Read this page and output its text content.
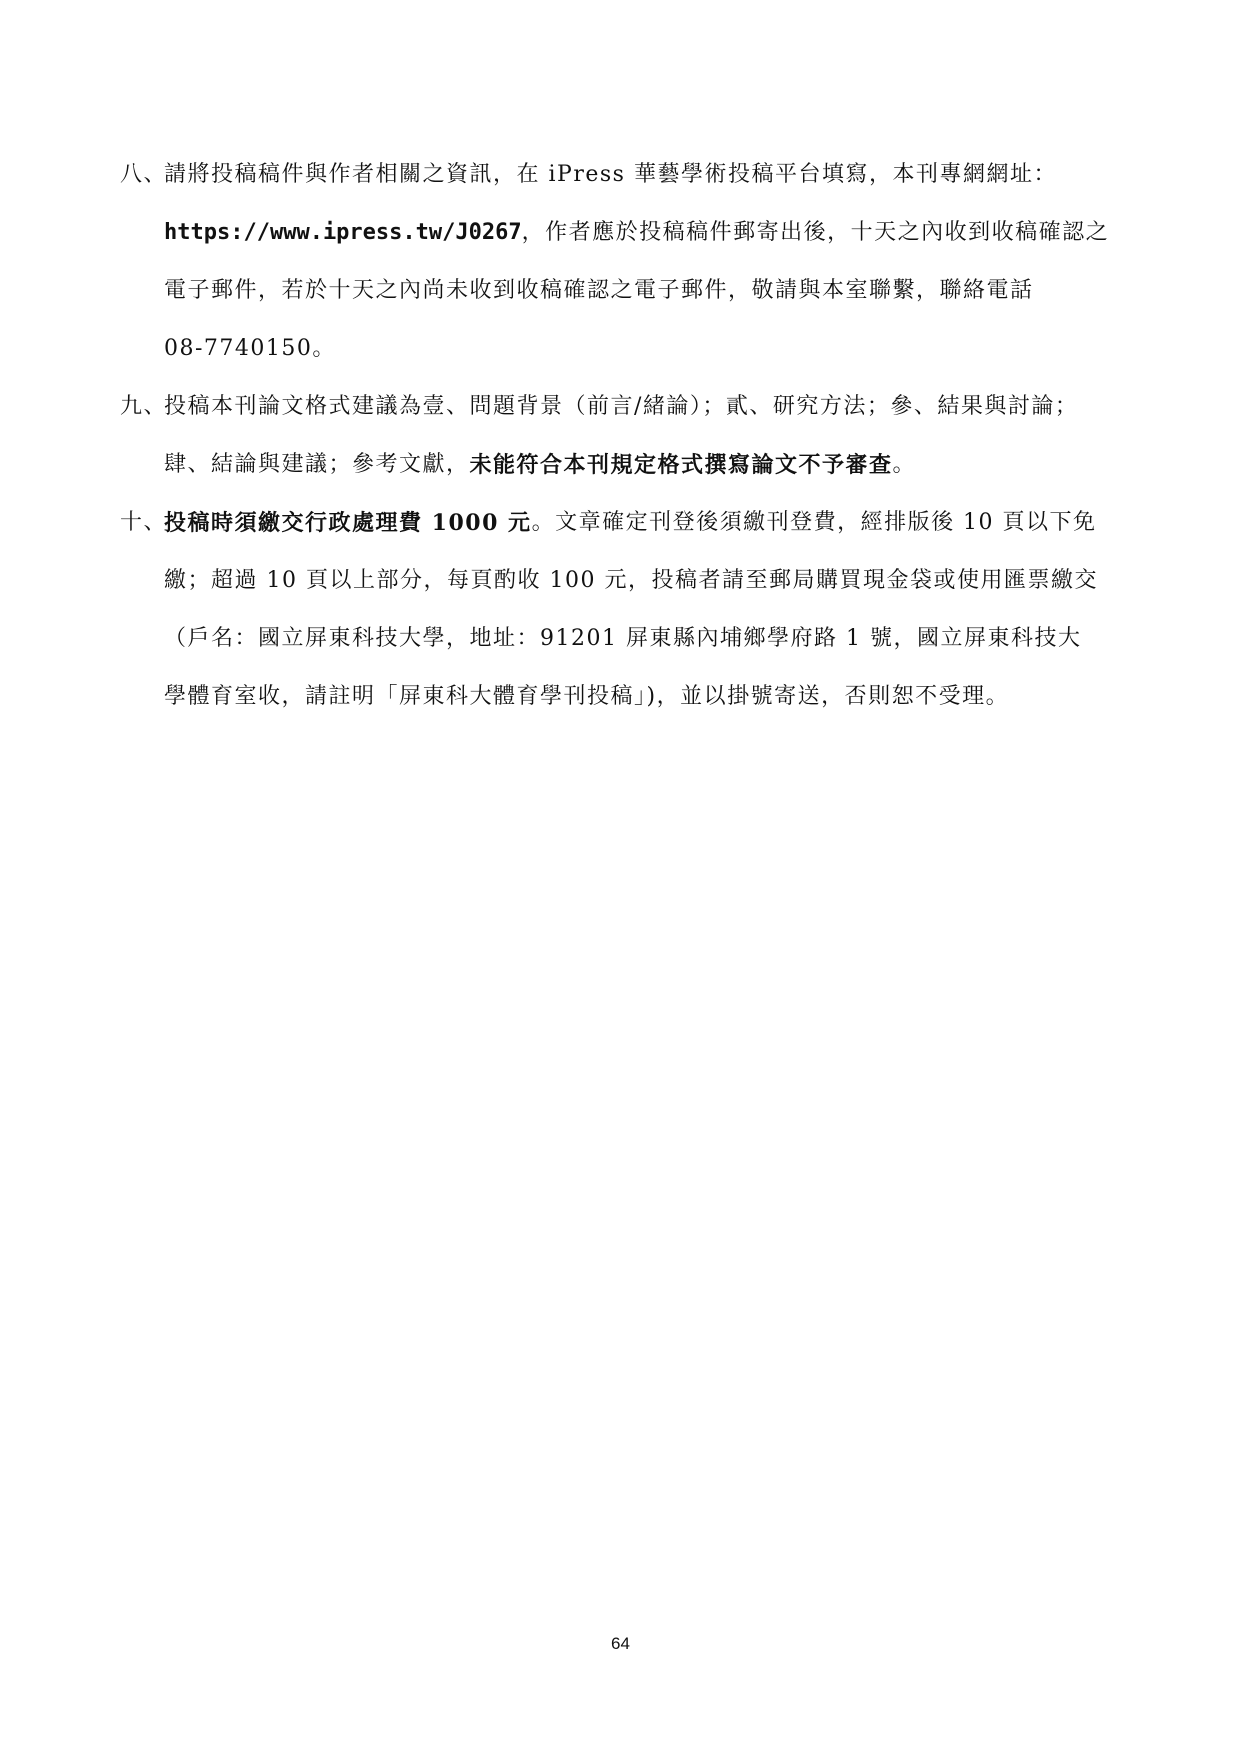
八、
請將投稿稿件與作者相關之資訊，在 iPress 華藝學術投稿平台填寫，本刊專網網址：
https://www.ipress.tw/J0267 ，作者應於投稿稿件郵寄出後，十天之內收到收稿確認之
電子郵件，若於十天之內尚未收到收稿確認之電子郵件，敬請與本室聯繫，聯絡電話
08-7740150。
九、
投稿本刊論文格式建議為壹、問題背景（前言/緒論）；貳、研究方法；參、結果與討論；
肆、結論與建議；參考文獻， 未能符合本刊規定格式撰寫論文不予審查 。
十、
投稿時須繳交行政處理費 1000 元 。文章確定刊登後須繳刊登費，經排版後 10 頁以下免
繳；超過 10 頁以上部分，每頁酌收 100 元，投稿者請至郵局購買現金袋或使用匯票繳交
（戶名：國立屏東科技大學，地址：91201 屏東縣內埔鄉學府路 1 號，國立屏東科技大
學體育室收，請註明「屏東科大體育學刊投稿」)，並以掛號寄送，否則恕不受理。
64
